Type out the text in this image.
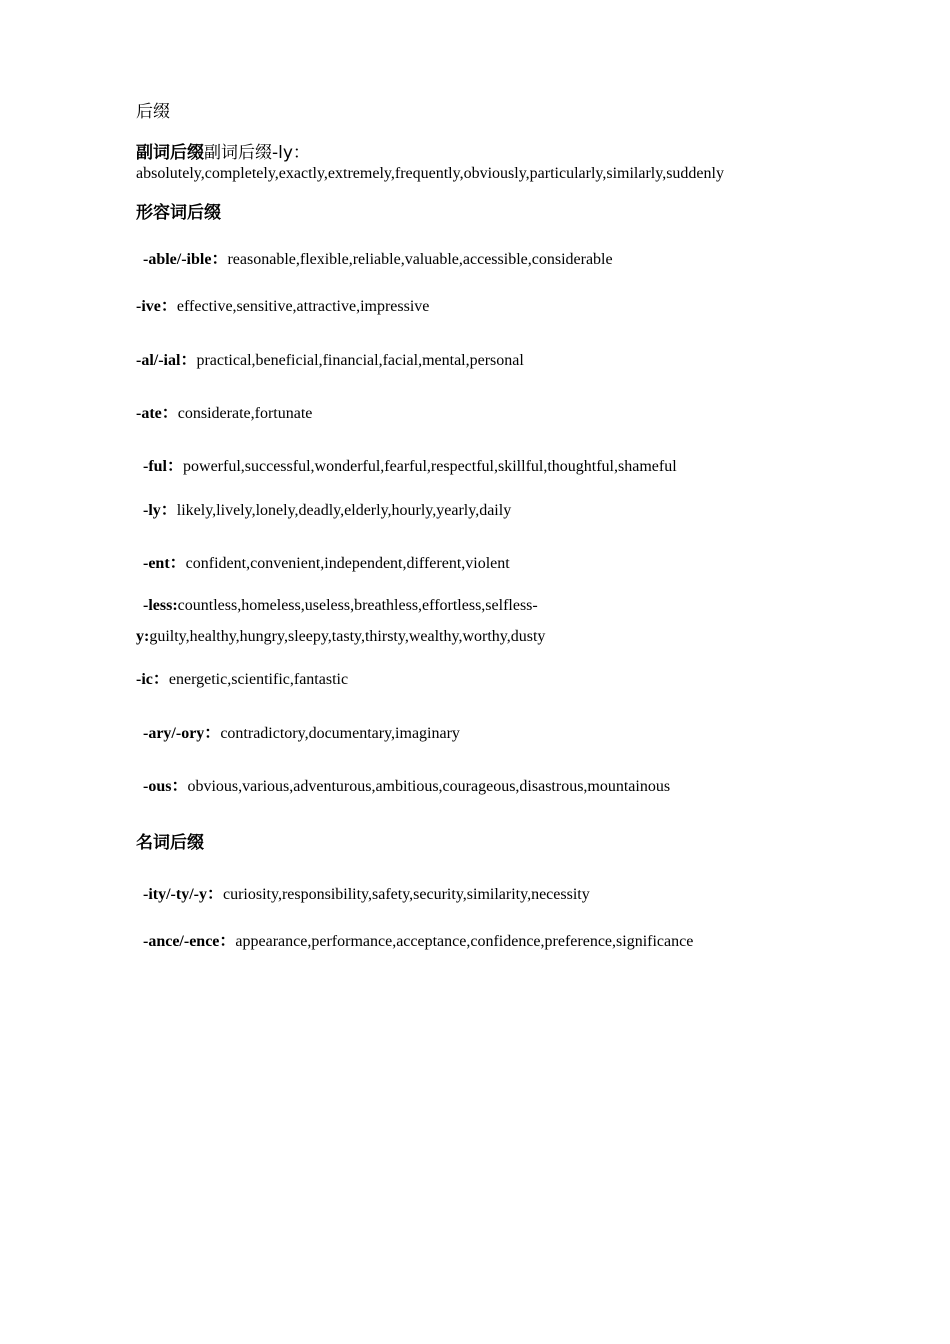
后缀
副词后缀副词后缀-ly：
absolutely,completely,exactly,extremely,frequently,obviously,particularly,similarly,suddenly
形容词后缀
-able/-ible：reasonable,flexible,reliable,valuable,accessible,considerable
-ive：effective,sensitive,attractive,impressive
-al/-ial：practical,beneficial,financial,facial,mental,personal
-ate：considerate,fortunate
-ful：powerful,successful,wonderful,fearful,respectful,skillful,thoughtful,shameful
-ly：likely,lively,lonely,deadly,elderly,hourly,yearly,daily
-ent：confident,convenient,independent,different,violent
-less:countless,homeless,useless,breathless,effortless,selfless-
y:guilty,healthy,hungry,sleepy,tasty,thirsty,wealthy,worthy,dusty
-ic：energetic,scientific,fantastic
-ary/-ory：contradictory,documentary,imaginary
-ous：obvious,various,adventurous,ambitious,courageous,disastrous,mountainous
名词后缀
-ity/-ty/-y：curiosity,responsibility,safety,security,similarity,necessity
-ance/-ence：appearance,performance,acceptance,confidence,preference,significance
